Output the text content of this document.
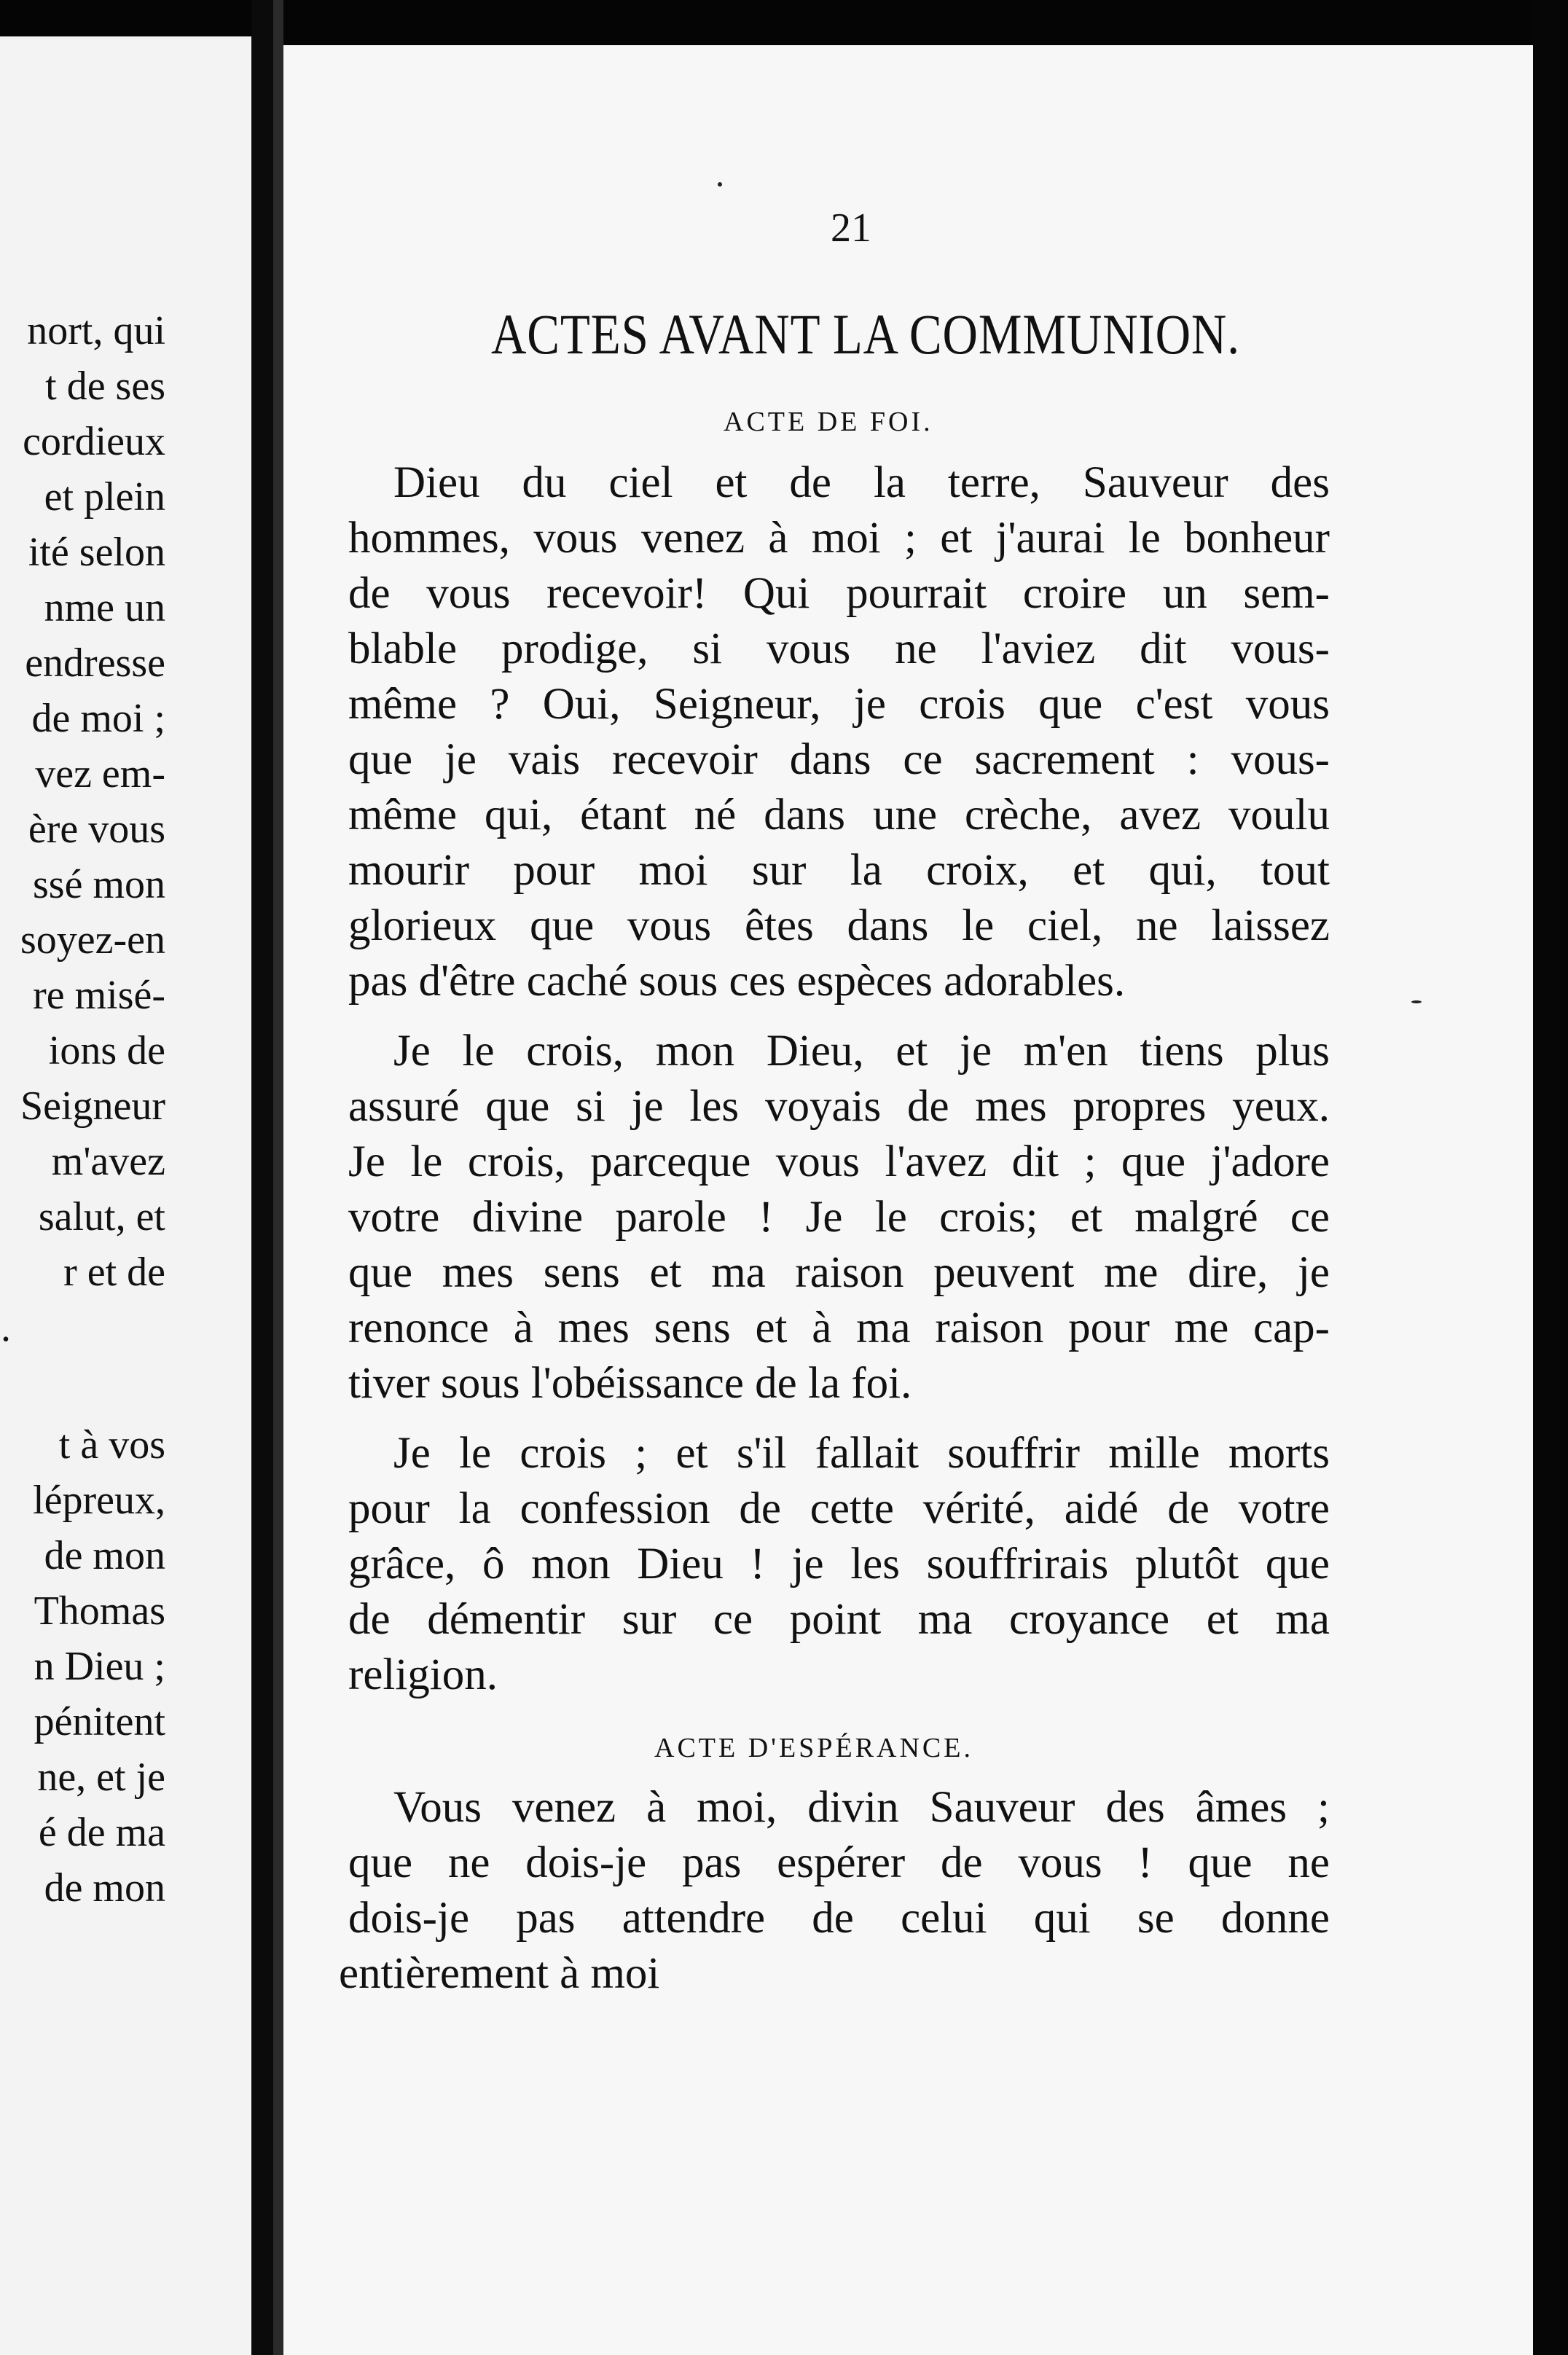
nort, qui
t de ses
cordieux
et plein
ité selon
nme un
endresse
de moi ;
vez em-
ère vous
ssé mon
soyez-en
re misé-
ions de
Seigneur
m'avez
salut, et
r et de
.
t à vos
lépreux,
de mon
Thomas
n Dieu ;
pénitent
ne, et je
é de ma
de mon
21
ACTES AVANT LA COMMUNION.
ACTE DE FOI.
Dieu du ciel et de la terre, Sauveur des
hommes, vous venez à moi ; et j'aurai le bonheur
de vous recevoir! Qui pourrait croire un sem-
blable prodige, si vous ne l'aviez dit vous-
même ? Oui, Seigneur, je crois que c'est vous
que je vais recevoir dans ce sacrement : vous-
même qui, étant né dans une crèche, avez voulu
mourir pour moi sur la croix, et qui, tout
glorieux que vous êtes dans le ciel, ne laissez
pas d'être caché sous ces espèces adorables.
Je le crois, mon Dieu, et je m'en tiens plus
assuré que si je les voyais de mes propres yeux.
Je le crois, parceque vous l'avez dit ; que j'adore
votre divine parole ! Je le crois; et malgré ce
que mes sens et ma raison peuvent me dire, je
renonce à mes sens et à ma raison pour me cap-
tiver sous l'obéissance de la foi.
Je le crois ; et s'il fallait souffrir mille morts
pour la confession de cette vérité, aidé de votre
grâce, ô mon Dieu ! je les souffrirais plutôt que
de démentir sur ce point ma croyance et ma
religion.
ACTE D'ESPÉRANCE.
Vous venez à moi, divin Sauveur des âmes ;
que ne dois-je pas espérer de vous ! que ne
dois-je pas attendre de celui qui se donne
entièrement à moi
